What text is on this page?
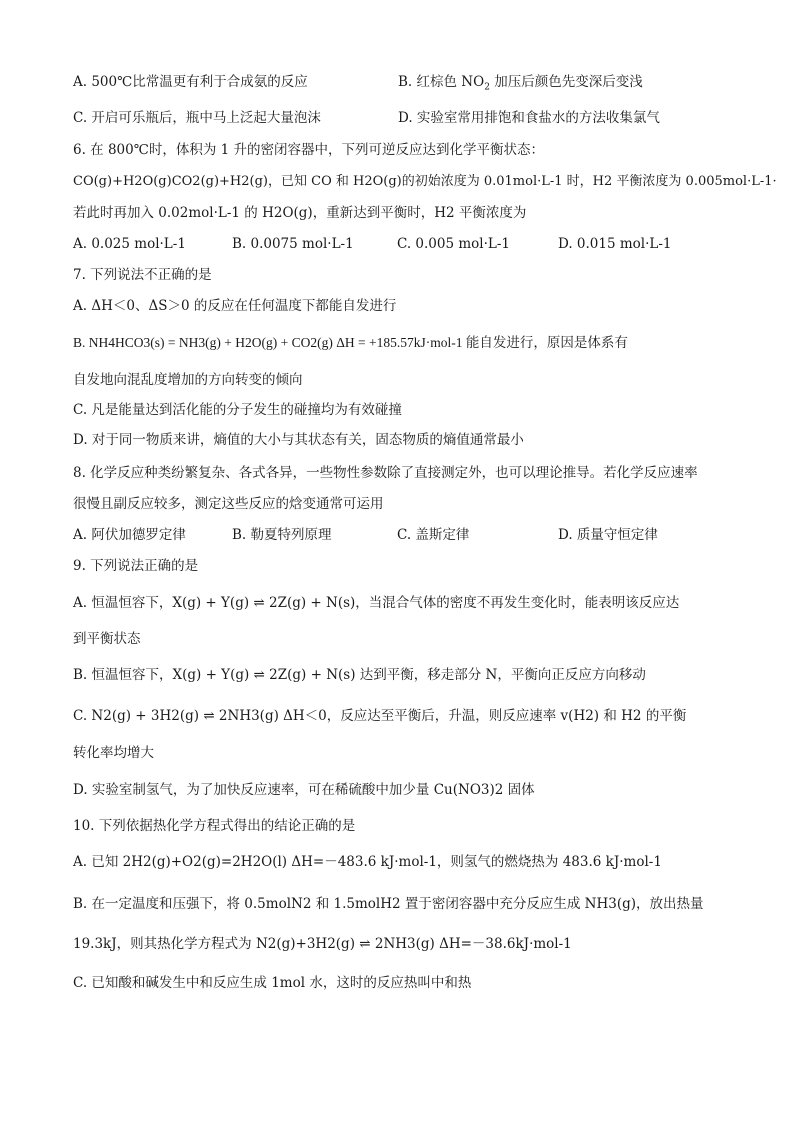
A. 500℃比常温更有利于合成氨的反应	B. 红棕色 $NO_2$ 加压后颜色先变深后变浅
C. 开启可乐瓶后，瓶中马上泛起大量泡沫	D. 实验室常用排饱和食盐水的方法收集氯气
6. 在 800℃时，体积为 1 升的密闭容器中，下列可逆反应达到化学平衡状态：
CO(g)+H2O(g)CO2(g)+H2(g)，已知 CO 和 H2O(g)的初始浓度为 0.01mol·L-1 时，H2 平衡浓度为 0.005mol·L-1·
若此时再加入 0.02mol·L-1 的 H2O(g)，重新达到平衡时，H2 平衡浓度为
A. 0.025 mol·L-1	B. 0.0075 mol·L-1	C. 0.005 mol·L-1	D. 0.015 mol·L-1
7. 下列说法不正确的是
A. ΔH＜0、ΔS＞0 的反应在任何温度下都能自发进行
B. NH4HCO3(s) = NH3(g) + H2O(g) + CO2(g) ΔH = +185.57kJ·mol-1 能自发进行，原因是体系有
自发地向混乱度增加的方向转变的倾向
C. 凡是能量达到活化能的分子发生的碰撞均为有效碰撞
D. 对于同一物质来讲，熵值的大小与其状态有关，固态物质的熵值通常最小
8. 化学反应种类纷繁复杂、各式各异，一些物性参数除了直接测定外，也可以理论推导。若化学反应速率
很慢且副反应较多，测定这些反应的焓变通常可运用
A. 阿伏加德罗定律	B. 勒夏特列原理	C. 盖斯定律	D. 质量守恒定律
9. 下列说法正确的是
A. 恒温恒容下，X(g) + Y(g) ⇌ 2Z(g) + N(s)，当混合气体的密度不再发生变化时，能表明该反应达
到平衡状态
B. 恒温恒容下，X(g) + Y(g) ⇌ 2Z(g) + N(s) 达到平衡，移走部分 N，平衡向正反应方向移动
C. N2(g) + 3H2(g) ⇌ 2NH3(g) ΔH＜0，反应达至平衡后，升温，则反应速率 v(H2) 和 H2 的平衡
转化率均增大
D. 实验室制氢气，为了加快反应速率，可在稀硫酸中加少量 Cu(NO3)2 固体
10. 下列依据热化学方程式得出的结论正确的是
A. 已知 2H2(g)+O2(g)=2H2O(l) ΔH=－483.6 kJ·mol-1，则氢气的燃烧热为 483.6 kJ·mol-1
B. 在一定温度和压强下，将 0.5molN2 和 1.5molH2 置于密闭容器中充分反应生成 NH3(g)，放出热量
19.3kJ，则其热化学方程式为 N2(g)+3H2(g) ⇌ 2NH3(g) ΔH=－38.6kJ·mol-1
C. 已知酸和碱发生中和反应生成 1mol 水，这时的反应热叫中和热
